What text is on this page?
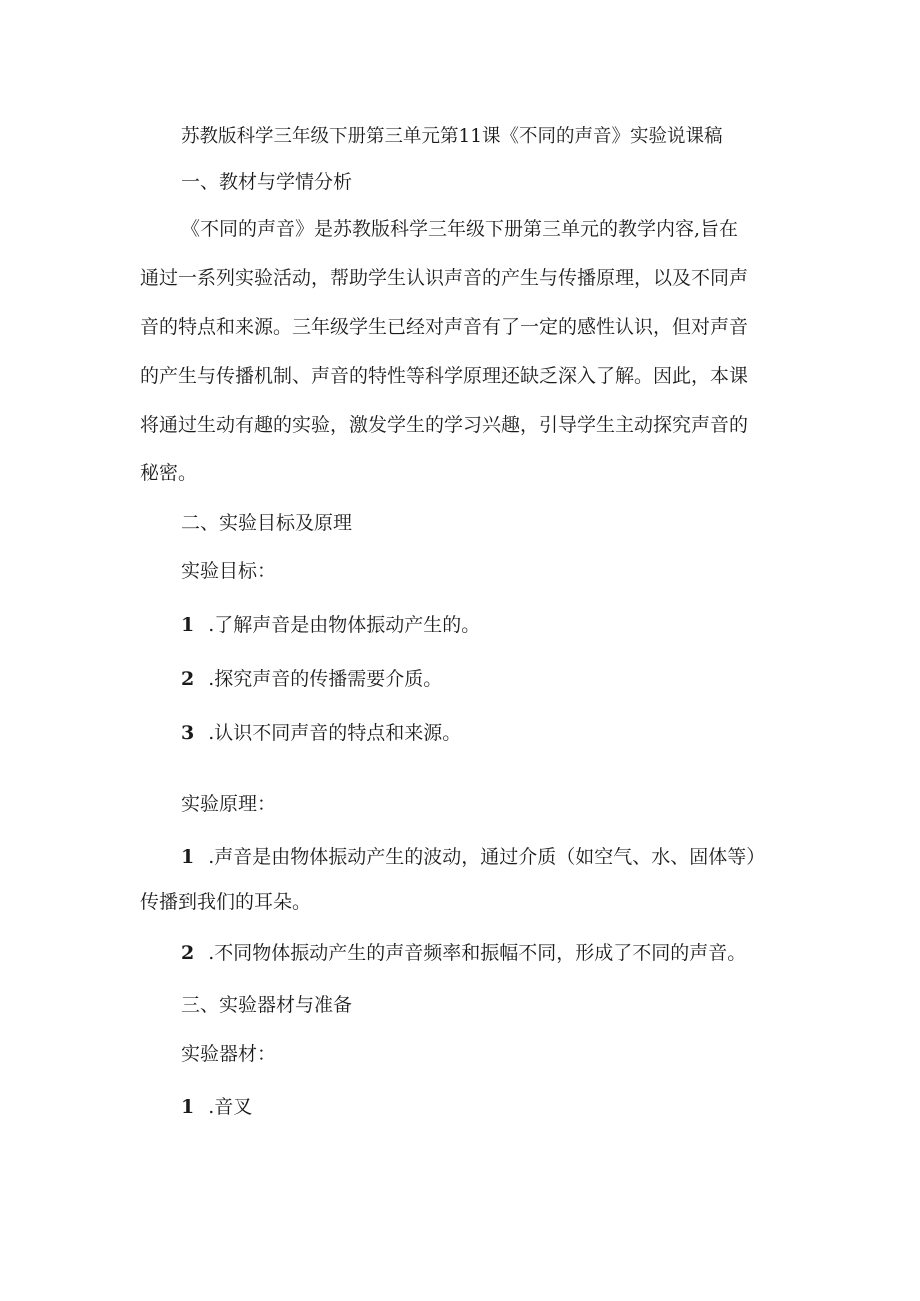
苏教版科学三年级下册第三单元第11课《不同的声音》实验说课稿
一、教材与学情分析
《不同的声音》是苏教版科学三年级下册第三单元的教学内容,旨在
通过一系列实验活动，帮助学生认识声音的产生与传播原理，以及不同声
音的特点和来源。三年级学生已经对声音有了一定的感性认识，但对声音
的产生与传播机制、声音的特性等科学原理还缺乏深入了解。因此，本课
将通过生动有趣的实验，激发学生的学习兴趣，引导学生主动探究声音的
秘密。
二、实验目标及原理
实验目标：
1 .了解声音是由物体振动产生的。
2 .探究声音的传播需要介质。
3 .认识不同声音的特点和来源。
实验原理：
1 .声音是由物体振动产生的波动，通过介质（如空气、水、固体等）
传播到我们的耳朵。
2 .不同物体振动产生的声音频率和振幅不同，形成了不同的声音。
三、实验器材与准备
实验器材：
1 .音叉
